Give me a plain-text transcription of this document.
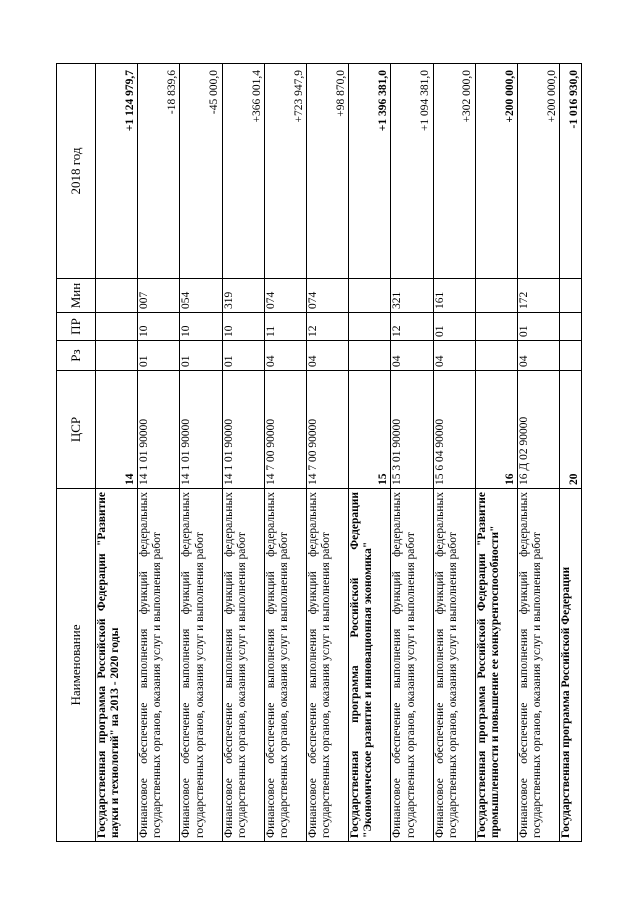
Наименование	ЦСР	Рз	ПР	Мин	2018 год
Государственная программа Российской Федерации "Развитие науки и технологий" на 2013 - 2020 годы	14				+1 124 979,7
Финансовое обеспечение выполнения функций федеральных государственных органов, оказания услуг и выполнения работ	14 1 01 90000	01	10	007	-18 839,6
Финансовое обеспечение выполнения функций федеральных государственных органов, оказания услуг и выполнения работ	14 1 01 90000	01	10	054	-45 000,0
Финансовое обеспечение выполнения функций федеральных государственных органов, оказания услуг и выполнения работ	14 1 01 90000	01	10	319	+366 001,4
Финансовое обеспечение выполнения функций федеральных государственных органов, оказания услуг и выполнения работ	14 7 00 90000	04	11	074	+723 947,9
Финансовое обеспечение выполнения функций федеральных государственных органов, оказания услуг и выполнения работ	14 7 00 90000	04	12	074	+98 870,0
Государственная программа Российской Федерации "Экономическое развитие и инновационная экономика"	15				+1 396 381,0
Финансовое обеспечение выполнения функций федеральных государственных органов, оказания услуг и выполнения работ	15 3 01 90000	04	12	321	+1 094 381,0
Финансовое обеспечение выполнения функций федеральных государственных органов, оказания услуг и выполнения работ	15 6 04 90000	04	01	161	+302 000,0
Государственная программа Российской Федерации "Развитие промышленности и повышение ее конкурентоспособности"	16				+200 000,0
Финансовое обеспечение выполнения функций федеральных государственных органов, оказания услуг и выполнения работ	16 Д 02 90000	04	01	172	+200 000,0
Государственная программа Российской Федерации	20				-1 016 930,0
